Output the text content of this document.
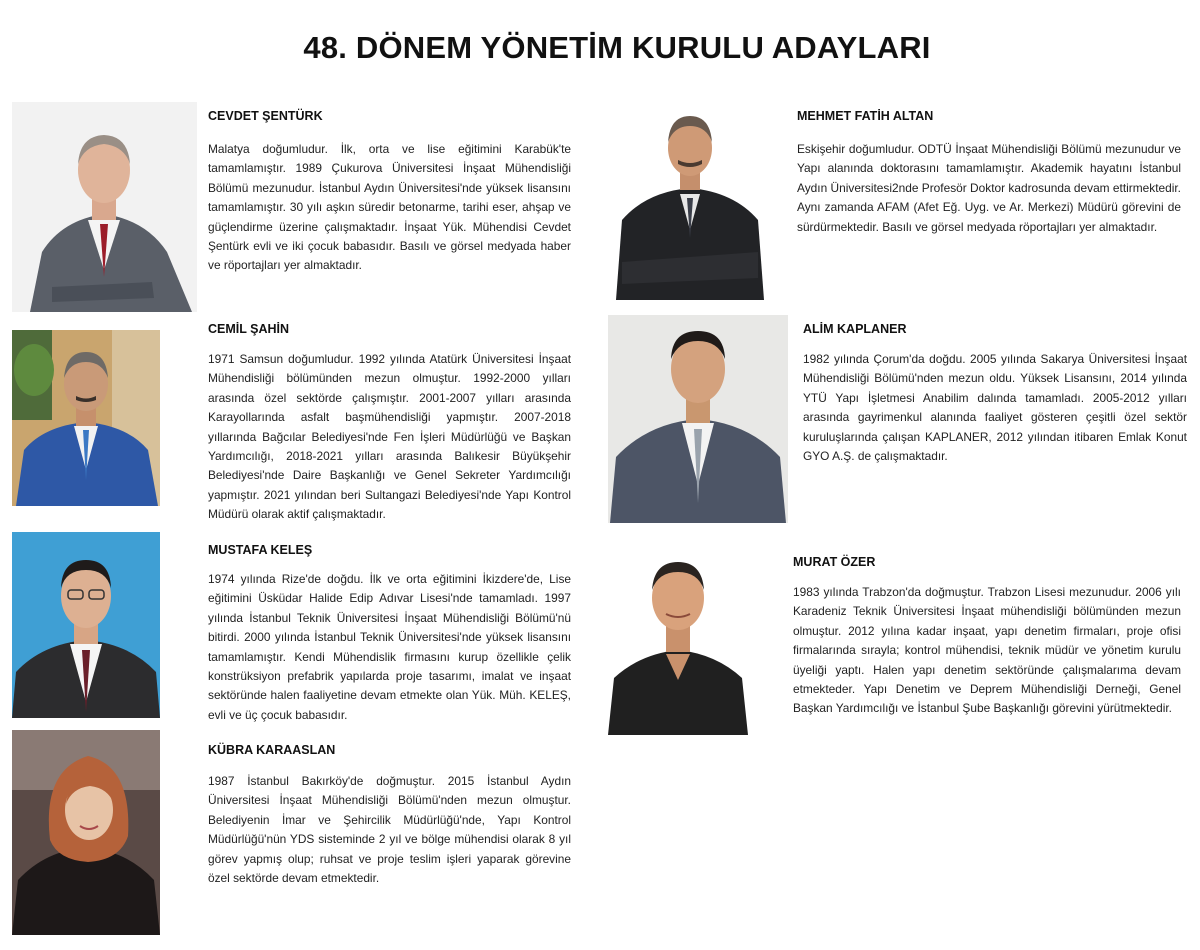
48. DÖNEM YÖNETİM KURULU ADAYLARI
CEVDET ŞENTÜRK
Malatya doğumludur. İlk, orta ve lise eğitimini Karabük'te tamamlamıştır. 1989 Çukurova Üniversitesi İnşaat Mühendisliği Bölümü mezunudur. İstanbul Aydın Üniversitesi'nde yüksek lisansını tamamlamıştır. 30 yılı aşkın süredir betonarme, tarihi eser, ahşap ve güçlendirme üzerine çalışmaktadır. İnşaat Yük. Mühendisi Cevdet Şentürk evli ve iki çocuk babasıdır. Basılı ve görsel medyada haber ve röportajları yer almaktadır.
CEMİL ŞAHİN
1971 Samsun doğumludur. 1992 yılında Atatürk Üniversitesi İnşaat Mühendisliği bölümünden mezun olmuştur. 1992-2000 yılları arasında özel sektörde çalışmıştır. 2001-2007 yılları arasında Karayollarında asfalt başmühendisliği yapmıştır. 2007-2018 yıllarında Bağcılar Belediyesi'nde Fen İşleri Müdürlüğü ve Başkan Yardımcılığı, 2018-2021 yılları arasında Balıkesir Büyükşehir Belediyesi'nde Daire Başkanlığı ve Genel Sekreter Yardımcılığı yapmıştır. 2021 yılından beri Sultangazi Belediyesi'nde Yapı Kontrol Müdürü olarak aktif çalışmaktadır.
MUSTAFA KELEŞ
1974 yılında Rize'de doğdu. İlk ve orta eğitimini İkizdere'de, Lise eğitimini Üsküdar Halide Edip Adıvar Lisesi'nde tamamladı. 1997 yılında İstanbul Teknik Üniversitesi İnşaat Mühendisliği Bölümü'nü bitirdi. 2000 yılında İstanbul Teknik Üniversitesi'nde yüksek lisansını tamamlamıştır. Kendi Mühendislik firmasını kurup özellikle çelik konstrüksiyon prefabrik yapılarda proje tasarımı, imalat ve inşaat sektöründe halen faaliyetine devam etmekte olan Yük. Müh. KELEŞ, evli ve üç çocuk babasıdır.
KÜBRA KARAASLAN
1987 İstanbul Bakırköy'de doğmuştur. 2015 İstanbul Aydın Üniversitesi İnşaat Mühendisliği Bölümü'nden mezun olmuştur. Belediyenin İmar ve Şehircilik Müdürlüğü'nde, Yapı Kontrol Müdürlüğü'nün YDS sisteminde 2 yıl ve bölge mühendisi olarak 8 yıl görev yapmış olup; ruhsat ve proje teslim işleri yaparak görevine özel sektörde devam etmektedir.
MEHMET FATİH ALTAN
Eskişehir doğumludur. ODTÜ İnşaat Mühendisliği Bölümü mezunudur ve Yapı alanında doktorasını tamamlamıştır. Akademik hayatını İstanbul Aydın Üniversitesi2nde Profesör Doktor kadrosunda devam ettirmektedir. Aynı zamanda AFAM (Afet Eğ. Uyg. ve Ar. Merkezi) Müdürü görevini de sürdürmektedir. Basılı ve görsel medyada röportajları yer almaktadır.
ALİM KAPLANER
1982 yılında Çorum'da doğdu. 2005 yılında Sakarya Üniversitesi İnşaat Mühendisliği Bölümü'nden mezun oldu. Yüksek Lisansını, 2014 yılında YTÜ Yapı İşletmesi Anabilim dalında tamamladı. 2005-2012 yılları arasında gayrimenkul alanında faaliyet gösteren çeşitli özel sektör kuruluşlarında çalışan KAPLANER, 2012 yılından itibaren Emlak Konut GYO A.Ş. de çalışmaktadır.
MURAT ÖZER
1983 yılında Trabzon'da doğmuştur. Trabzon Lisesi mezunudur. 2006 yılı Karadeniz Teknik Üniversitesi İnşaat mühendisliği bölümünden mezun olmuştur. 2012 yılına kadar inşaat, yapı denetim firmaları, proje ofisi firmalarında sırayla; kontrol mühendisi, teknik müdür ve yönetim kurulu üyeliği yaptı. Halen yapı denetim sektöründe çalışmalarıma devam etmekteder. Yapı Denetim ve Deprem Mühendisliği Derneği, Genel Başkan Yardımcılığı ve İstanbul Şube Başkanlığı görevini yürütmektedir.
